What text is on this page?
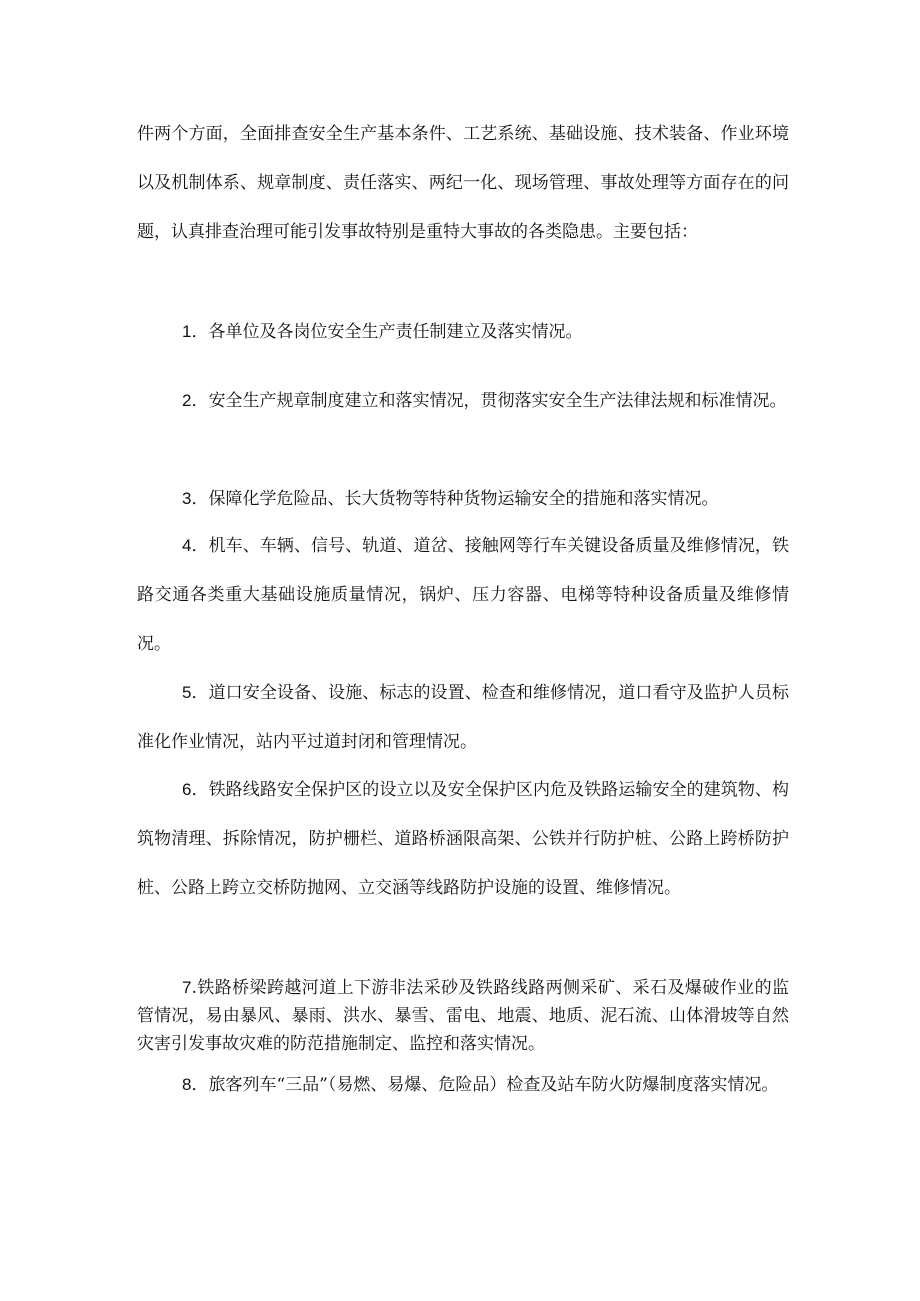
件两个方面，全面排查安全生产基本条件、工艺系统、基础设施、技术装备、作业环境以及机制体系、规章制度、责任落实、两纪一化、现场管理、事故处理等方面存在的问题，认真排查治理可能引发事故特别是重特大事故的各类隐患。主要包括：

1．各单位及各岗位安全生产责任制建立及落实情况。

2．安全生产规章制度建立和落实情况，贯彻落实安全生产法律法规和标准情况。

3．保障化学危险品、长大货物等特种货物运输安全的措施和落实情况。

4．机车、车辆、信号、轨道、道岔、接触网等行车关键设备质量及维修情况，铁路交通各类重大基础设施质量情况，锅炉、压力容器、电梯等特种设备质量及维修情况。

5．道口安全设备、设施、标志的设置、检查和维修情况，道口看守及监护人员标准化作业情况，站内平过道封闭和管理情况。

6．铁路线路安全保护区的设立以及安全保护区内危及铁路运输安全的建筑物、构筑物清理、拆除情况，防护栅栏、道路桥涵限高架、公铁并行防护桩、公路上跨桥防护桩、公路上跨立交桥防抛网、立交涵等线路防护设施的设置、维修情况。

7.铁路桥梁跨越河道上下游非法采砂及铁路线路两侧采矿、采石及爆破作业的监管情况，易由暴风、暴雨、洪水、暴雪、雷电、地震、地质、泥石流、山体滑坡等自然灾害引发事故灾难的防范措施制定、监控和落实情况。

8．旅客列车“三品”（易燃、易爆、危险品）检查及站车防火防爆制度落实情况。
